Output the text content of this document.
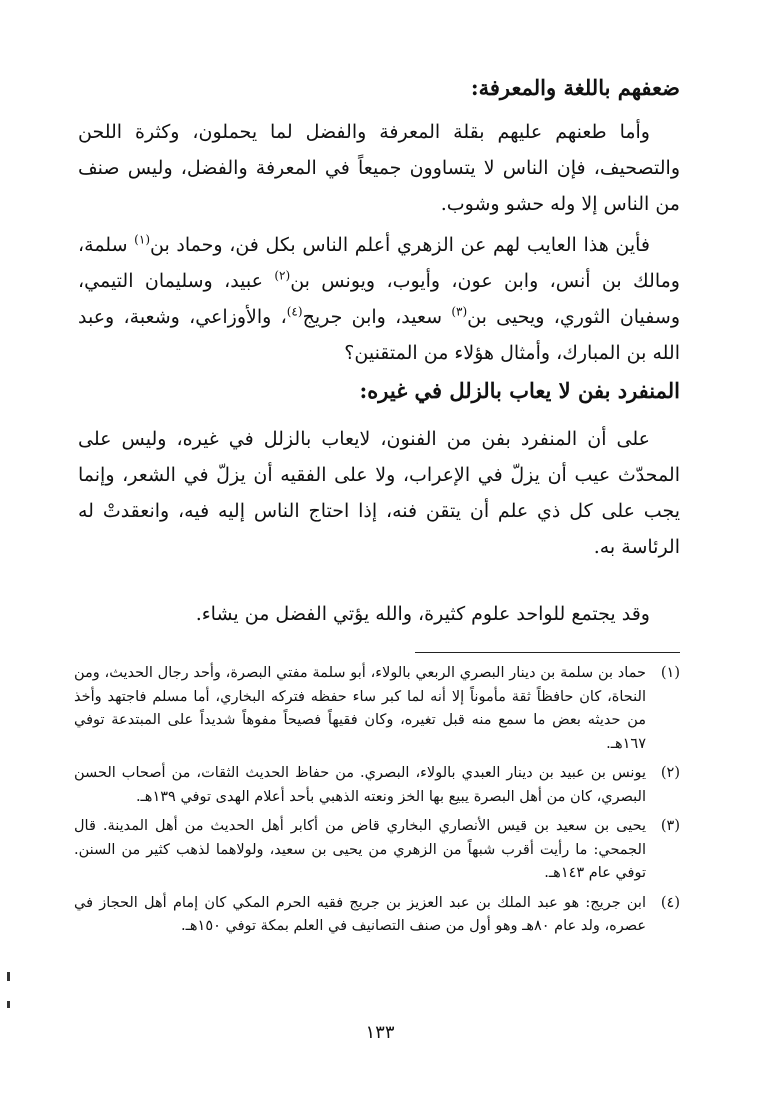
ضعفهم باللغة والمعرفة:

وأما طعنهم عليهم بقلة المعرفة والفضل لما يحملون، وكثرة اللحن والتصحيف، فإن الناس لا يتساوون جميعاً في المعرفة والفضل، وليس صنف من الناس إلا وله حشو وشوب.

فأين هذا العايب لهم عن الزهري أعلم الناس بكل فن، وحماد بن$^{(١)}$ سلمة، ومالك بن أنس، وابن عون، وأيوب، ويونس بن$^{(٢)}$ عبيد، وسليمان التيمي، وسفيان الثوري، ويحيى بن$^{(٣)}$ سعيد، وابن جريج$^{(٤)}$، والأوزاعي، وشعبة، وعبد الله بن المبارك، وأمثال هؤلاء من المتقنين؟

المنفرد بفن لا يعاب بالزلل في غيره:

على أن المنفرد بفن من الفنون، لايعاب بالزلل في غيره، وليس على المحدّث عيب أن يزلّ في الإعراب، ولا على الفقيه أن يزلّ في الشعر، وإنما يجب على كل ذي علم أن يتقن فنه، إذا احتاج الناس إليه فيه، وانعقدتْ له الرئاسة به.

وقد يجتمع للواحد علوم كثيرة، والله يؤتي الفضل من يشاء.

(١)
حماد بن سلمة بن دينار البصري الربعي بالولاء، أبو سلمة مفتي البصرة، وأحد رجال الحديث، ومن النحاة، كان حافظاً ثقة مأموناً إلا أنه لما كبر ساء حفظه فتركه البخاري، أما مسلم فاجتهد وأخذ من حديثه بعض ما سمع منه قبل تغيره، وكان فقيهاً فصيحاً مفوهاً شديداً على المبتدعة توفي ١٦٧هـ.
(٢)
يونس بن عبيد بن دينار العبدي بالولاء، البصري. من حفاظ الحديث الثقات، من أصحاب الحسن البصري، كان من أهل البصرة يبيع بها الخز ونعته الذهبي بأحد أعلام الهدى توفي ١٣٩هـ.
(٣)
يحيى بن سعيد بن قيس الأنصاري البخاري قاض من أكابر أهل الحديث من أهل المدينة. قال الجمحي: ما رأيت أقرب شبهاً من الزهري من يحيى بن سعيد، ولولاهما لذهب كثير من السنن. توفي عام ١٤٣هـ.
(٤)
ابن جريج: هو عبد الملك بن عبد العزيز بن جريج فقيه الحرم المكي كان إمام أهل الحجاز في عصره، ولد عام ٨٠هـ وهو أول من صنف التصانيف في العلم بمكة توفي ١٥٠هـ.
١٣٣
